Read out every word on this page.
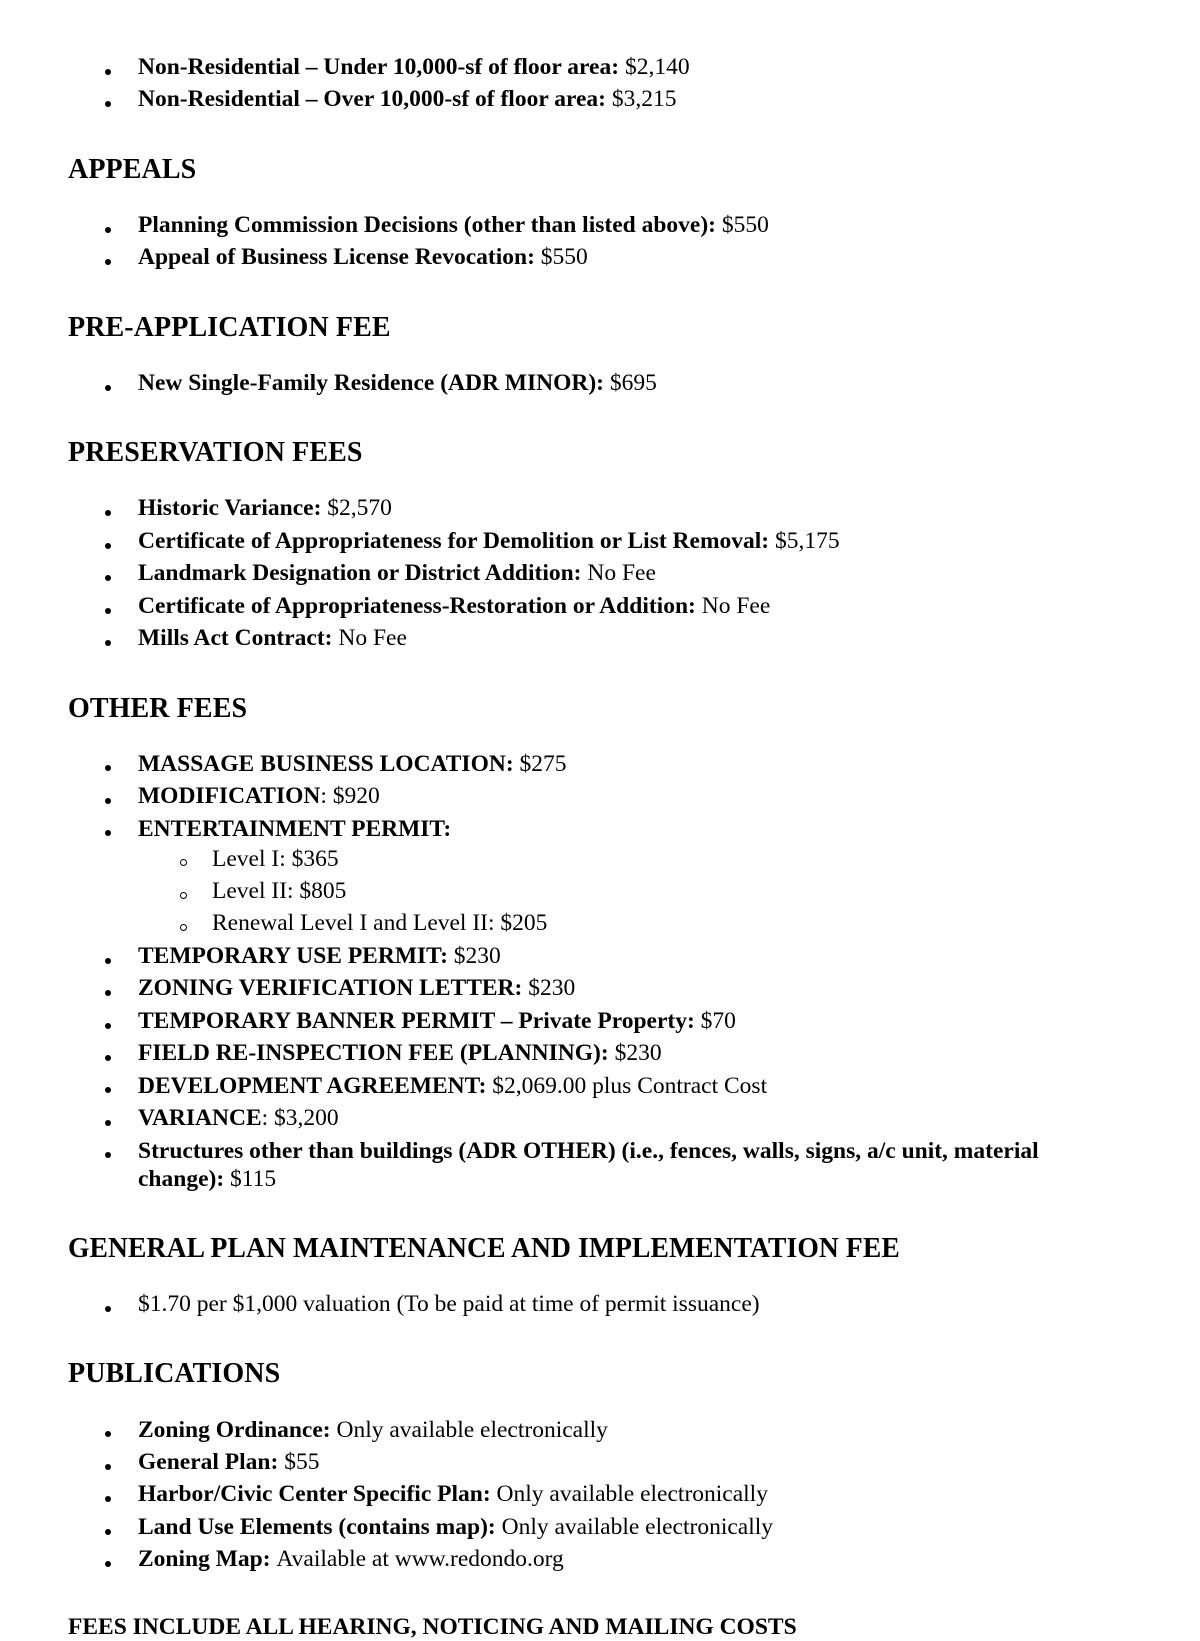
Non-Residential – Under 10,000-sf of floor area: $2,140
Non-Residential – Over 10,000-sf of floor area: $3,215
APPEALS
Planning Commission Decisions (other than listed above): $550
Appeal of Business License Revocation: $550
PRE-APPLICATION FEE
New Single-Family Residence (ADR MINOR): $695
PRESERVATION FEES
Historic Variance: $2,570
Certificate of Appropriateness for Demolition or List Removal: $5,175
Landmark Designation or District Addition: No Fee
Certificate of Appropriateness-Restoration or Addition: No Fee
Mills Act Contract: No Fee
OTHER FEES
MASSAGE BUSINESS LOCATION: $275
MODIFICATION: $920
ENTERTAINMENT PERMIT:
Level I: $365
Level II: $805
Renewal Level I and Level II: $205
TEMPORARY USE PERMIT: $230
ZONING VERIFICATION LETTER: $230
TEMPORARY BANNER PERMIT – Private Property: $70
FIELD RE-INSPECTION FEE (PLANNING): $230
DEVELOPMENT AGREEMENT: $2,069.00 plus Contract Cost
VARIANCE: $3,200
Structures other than buildings (ADR OTHER) (i.e., fences, walls, signs, a/c unit, material change): $115
GENERAL PLAN MAINTENANCE AND IMPLEMENTATION FEE
$1.70 per $1,000 valuation (To be paid at time of permit issuance)
PUBLICATIONS
Zoning Ordinance: Only available electronically
General Plan: $55
Harbor/Civic Center Specific Plan: Only available electronically
Land Use Elements (contains map): Only available electronically
Zoning Map: Available at www.redondo.org

FEES INCLUDE ALL HEARING, NOTICING AND MAILING COSTS
